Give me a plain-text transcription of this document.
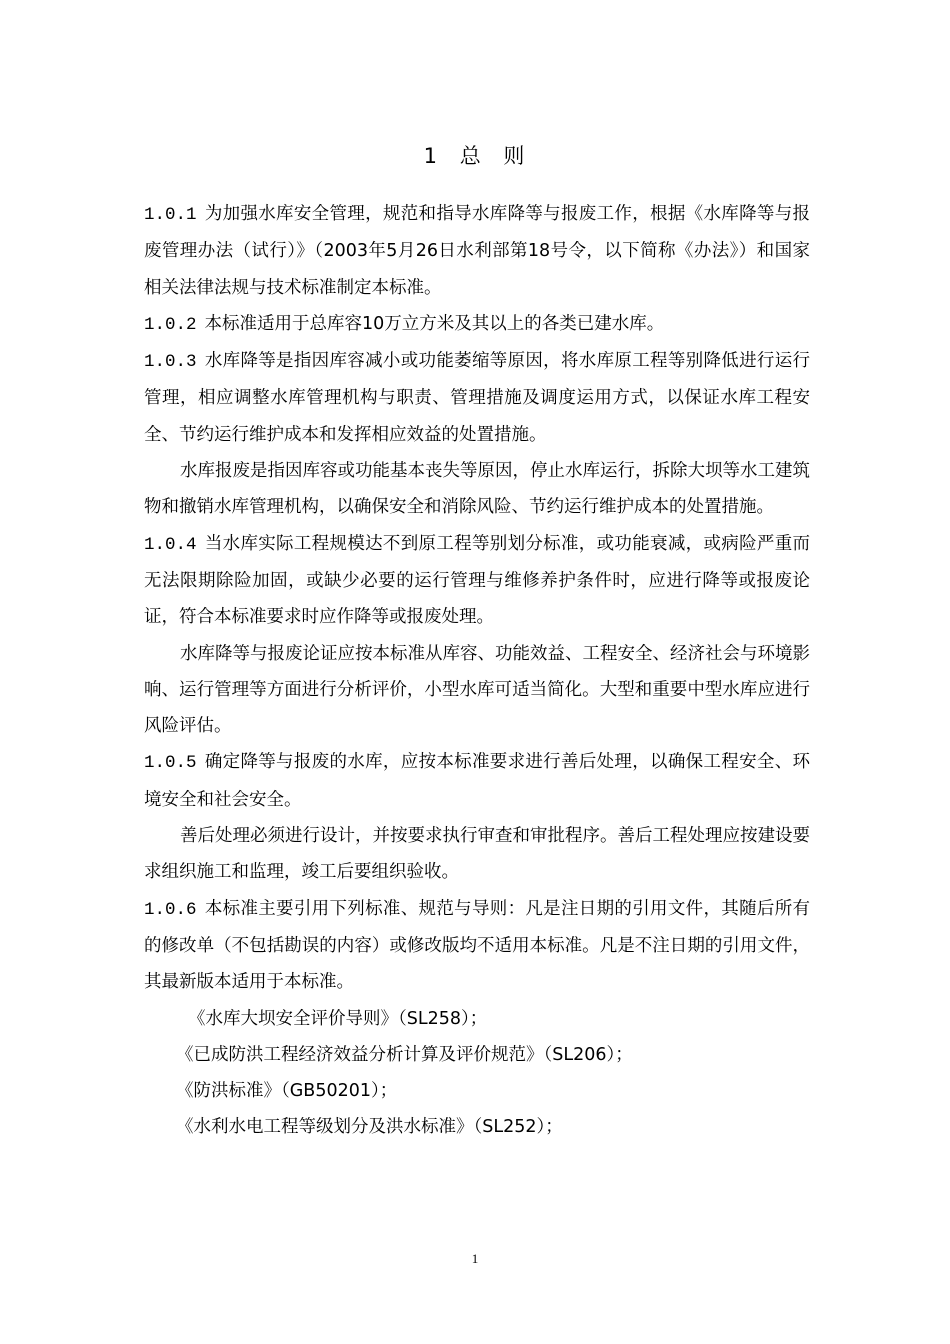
1 总 则

1.0.1 为加强水库安全管理，规范和指导水库降等与报废工作，根据《水库降等与报废管理办法（试行）》（2003年5月26日水利部第18号令，以下简称《办法》）和国家相关法律法规与技术标准制定本标准。

1.0.2 本标准适用于总库容10万立方米及其以上的各类已建水库。

1.0.3 水库降等是指因库容减小或功能萎缩等原因，将水库原工程等别降低进行运行管理，相应调整水库管理机构与职责、管理措施及调度运用方式，以保证水库工程安全、节约运行维护成本和发挥相应效益的处置措施。

水库报废是指因库容或功能基本丧失等原因，停止水库运行，拆除大坝等水工建筑物和撤销水库管理机构，以确保安全和消除风险、节约运行维护成本的处置措施。

1.0.4 当水库实际工程规模达不到原工程等别划分标准，或功能衰减，或病险严重而无法限期除险加固，或缺少必要的运行管理与维修养护条件时，应进行降等或报废论证，符合本标准要求时应作降等或报废处理。

水库降等与报废论证应按本标准从库容、功能效益、工程安全、经济社会与环境影响、运行管理等方面进行分析评价，小型水库可适当简化。大型和重要中型水库应进行风险评估。

1.0.5 确定降等与报废的水库，应按本标准要求进行善后处理，以确保工程安全、环境安全和社会安全。

善后处理必须进行设计，并按要求执行审查和审批程序。善后工程处理应按建设要求组织施工和监理，竣工后要组织验收。

1.0.6 本标准主要引用下列标准、规范与导则：凡是注日期的引用文件，其随后所有的修改单（不包括勘误的内容）或修改版均不适用本标准。凡是不注日期的引用文件，其最新版本适用于本标准。

《水库大坝安全评价导则》（SL258）；

《已成防洪工程经济效益分析计算及评价规范》（SL206）；

《防洪标准》（GB50201）；

《水利水电工程等级划分及洪水标准》（SL252）；

1
